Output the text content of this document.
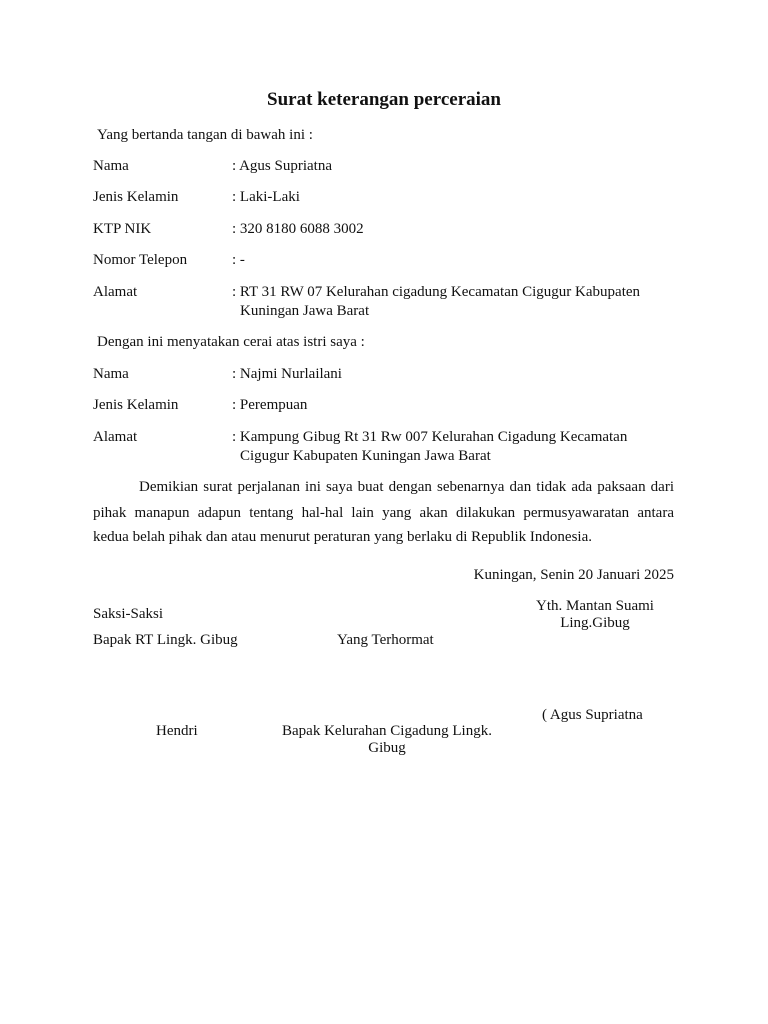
Surat keterangan perceraian
Yang bertanda tangan di bawah ini :
Nama	: Agus Supriatna
Jenis Kelamin	: Laki-Laki
KTP NIK	: 320 8180 6088 3002
Nomor Telepon	: -
Alamat	: RT 31 RW 07 Kelurahan cigadung Kecamatan Cigugur Kabupaten
Kuningan Jawa Barat
Dengan ini menyatakan cerai atas istri saya :
Nama	: Najmi Nurlailani
Jenis Kelamin	: Perempuan
Alamat	: Kampung Gibug Rt 31 Rw 007 Kelurahan Cigadung Kecamatan
Cigugur Kabupaten Kuningan Jawa Barat
Demikian surat perjalanan ini saya buat dengan sebenarnya dan tidak ada paksaan dari
pihak manapun adapun tentang hal-hal lain yang akan dilakukan permusyawaratan antara
kedua belah pihak dan atau menurut peraturan yang berlaku di Republik Indonesia.
Kuningan, Senin 20 Januari 2025
Yth. Mantan Suami
Ling.Gibug
Saksi-Saksi
Bapak RT Lingk. Gibug	Yang Terhormat
( Agus Supriatna
Hendri	Bapak Kelurahan Cigadung Lingk.
Gibug
